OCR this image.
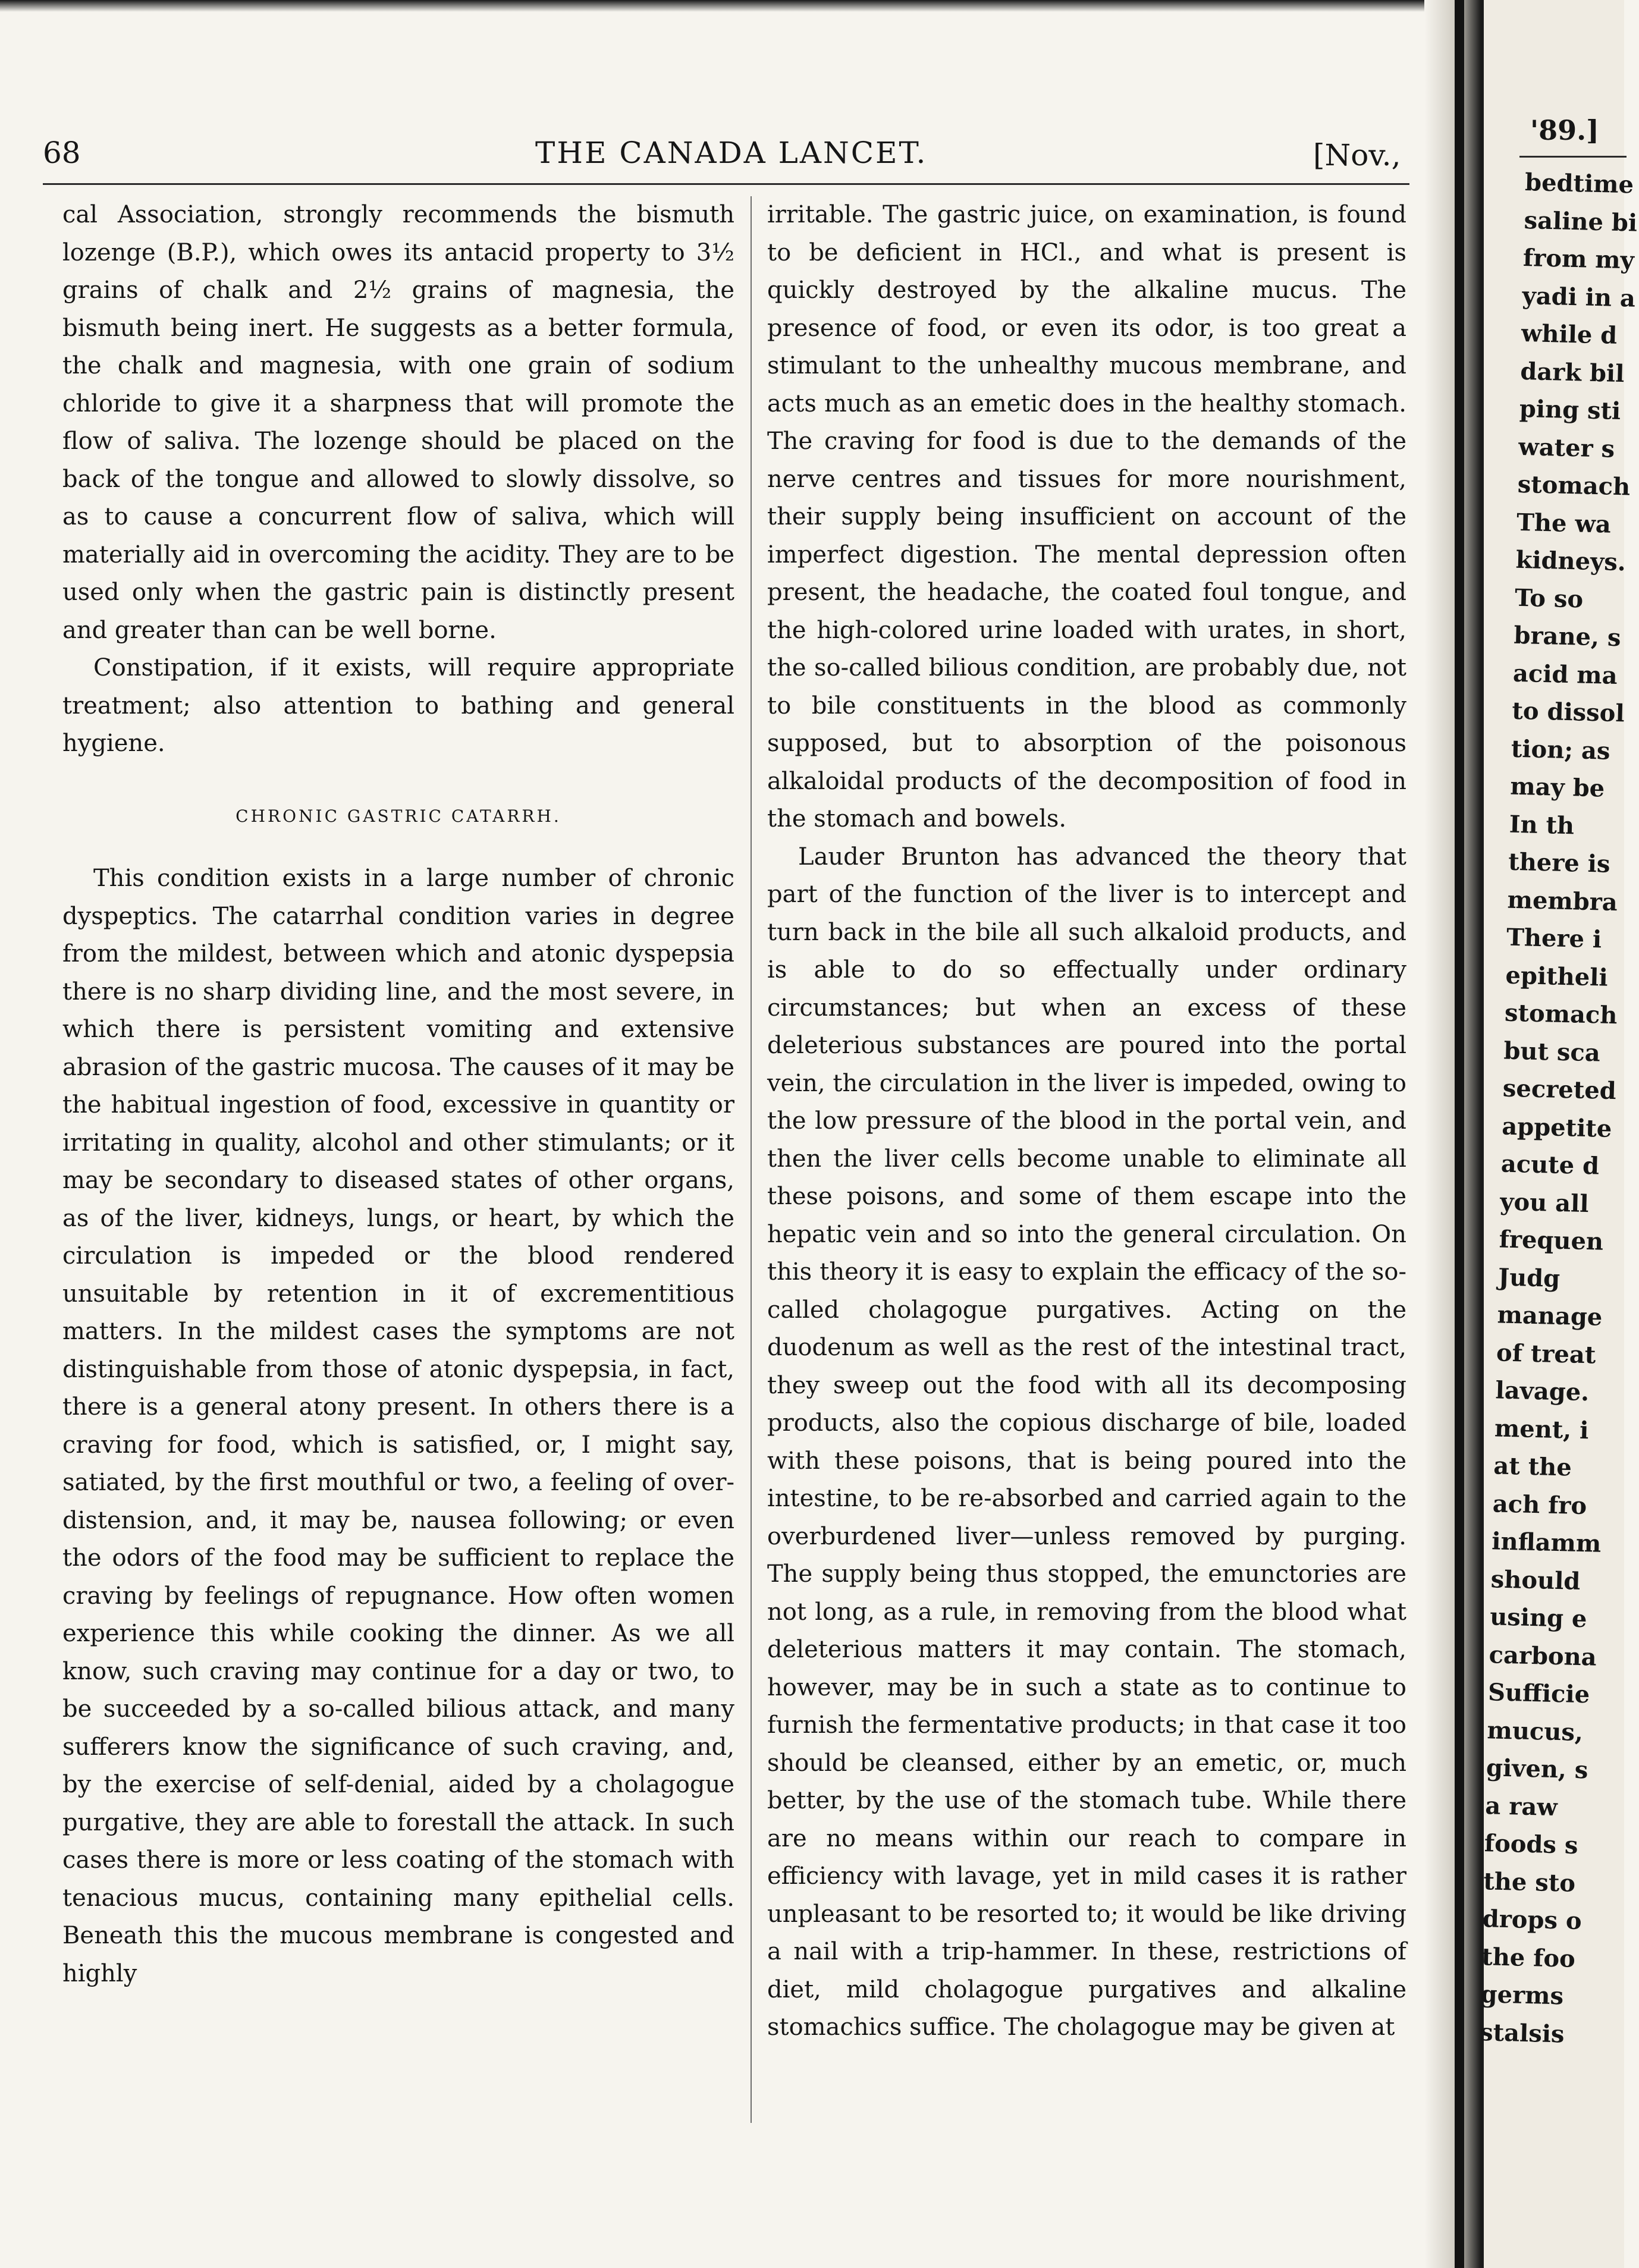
68	THE CANADA LANCET.	[Nov.,

cal Association, strongly recommends the bismuth lozenge (B.P.), which owes its antacid property to 3½ grains of chalk and 2½ grains of magnesia, the bismuth being inert. He suggests as a better formula, the chalk and magnesia, with one grain of sodium chloride to give it a sharpness that will promote the flow of saliva. The lozenge should be placed on the back of the tongue and allowed to slowly dissolve, so as to cause a concurrent flow of saliva, which will materially aid in overcoming the acidity. They are to be used only when the gastric pain is distinctly present and greater than can be well borne.

Constipation, if it exists, will require appropriate treatment; also attention to bathing and general hygiene.

CHRONIC GASTRIC CATARRH.

This condition exists in a large number of chronic dyspeptics. The catarrhal condition varies in degree from the mildest, between which and atonic dyspepsia there is no sharp dividing line, and the most severe, in which there is persistent vomiting and extensive abrasion of the gastric mucosa. The causes of it may be the habitual ingestion of food, excessive in quantity or irritating in quality, alcohol and other stimulants; or it may be secondary to diseased states of other organs, as of the liver, kidneys, lungs, or heart, by which the circulation is impeded or the blood rendered unsuitable by retention in it of excrementitious matters. In the mildest cases the symptoms are not distinguishable from those of atonic dyspepsia, in fact, there is a general atony present. In others there is a craving for food, which is satisfied, or, I might say, satiated, by the first mouthful or two, a feeling of over-distension, and, it may be, nausea following; or even the odors of the food may be sufficient to replace the craving by feelings of repugnance. How often women experience this while cooking the dinner. As we all know, such craving may continue for a day or two, to be succeeded by a so-called bilious attack, and many sufferers know the significance of such craving, and, by the exercise of self-denial, aided by a cholagogue purgative, they are able to forestall the attack. In such cases there is more or less coating of the stomach with tenacious mucus, containing many epithelial cells. Beneath this the mucous membrane is congested and highly

irritable. The gastric juice, on examination, is found to be deficient in HCl., and what is present is quickly destroyed by the alkaline mucus. The presence of food, or even its odor, is too great a stimulant to the unhealthy mucous membrane, and acts much as an emetic does in the healthy stomach. The craving for food is due to the demands of the nerve centres and tissues for more nourishment, their supply being insufficient on account of the imperfect digestion. The mental depression often present, the headache, the coated foul tongue, and the high-colored urine loaded with urates, in short, the so-called bilious condition, are probably due, not to bile constituents in the blood as commonly supposed, but to absorption of the poisonous alkaloidal products of the decomposition of food in the stomach and bowels.

Lauder Brunton has advanced the theory that part of the function of the liver is to intercept and turn back in the bile all such alkaloid products, and is able to do so effectually under ordinary circumstances; but when an excess of these deleterious substances are poured into the portal vein, the circulation in the liver is impeded, owing to the low pressure of the blood in the portal vein, and then the liver cells become unable to eliminate all these poisons, and some of them escape into the hepatic vein and so into the general circulation. On this theory it is easy to explain the efficacy of the so-called cholagogue purgatives. Acting on the duodenum as well as the rest of the intestinal tract, they sweep out the food with all its decomposing products, also the copious discharge of bile, loaded with these poisons, that is being poured into the intestine, to be re-absorbed and carried again to the overburdened liver—unless removed by purging. The supply being thus stopped, the emunctories are not long, as a rule, in removing from the blood what deleterious matters it may contain. The stomach, however, may be in such a state as to continue to furnish the fermentative products; in that case it too should be cleansed, either by an emetic, or, much better, by the use of the stomach tube. While there are no means within our reach to compare in efficiency with lavage, yet in mild cases it is rather unpleasant to be resorted to; it would be like driving a nail with a trip-hammer. In these, restrictions of diet, mild cholagogue purgatives and alkaline stomachics suffice. The cholagogue may be given at

'89.]
bedtime
saline bi
from my
yadi in a
while d
dark bil
ping sti
water s
stomach
The wa
kidneys.
To so
brane, s
acid ma
to dissol
tion; as
may be
In th
there is
membra
There i
epitheli
stomach
but sca
secreted
appetite
acute d
you all
frequen
Judg
manage
of treat
lavage.
ment, i
at the
ach fro
inflamm
should
using e
carbona
Sufficie
mucus,
given, s
a raw
foods s
the sto
drops o
the foo
germs
stalsis
